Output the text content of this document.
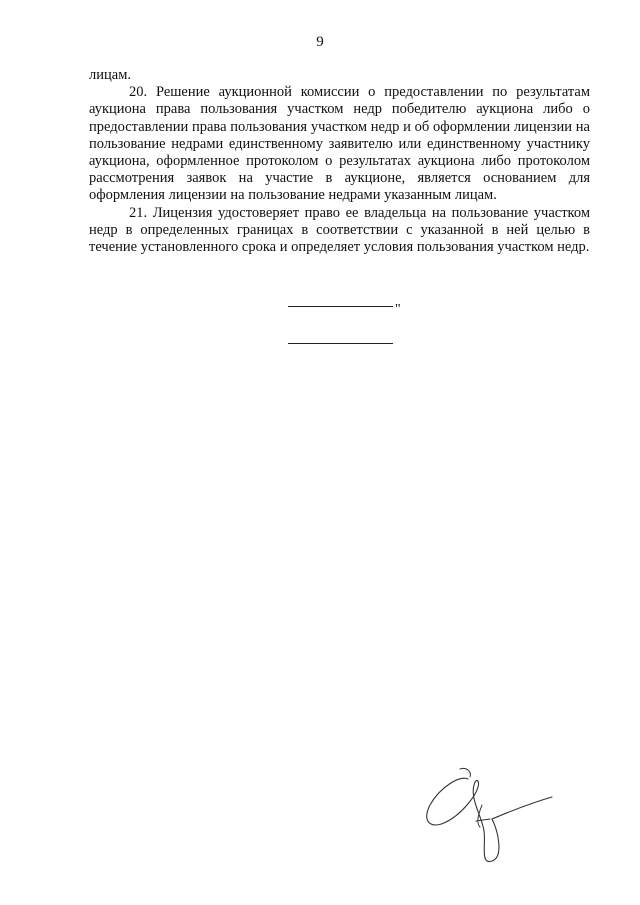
9

лицам.

20. Решение аукционной комиссии о предоставлении по результатам аукциона права пользования участком недр победителю аукциона либо о предоставлении права пользования участком недр и об оформлении лицензии на пользование недрами единственному заявителю или единственному участнику аукциона, оформленное протоколом о результатах аукциона либо протоколом рассмотрения заявок на участие в аукционе, является основанием для оформления лицензии на пользование недрами указанным лицам.

21. Лицензия удостоверяет право ее владельца на пользование участком недр в определенных границах в соответствии с указанной в ней целью в течение установленного срока и определяет условия пользования участком недр.

"
